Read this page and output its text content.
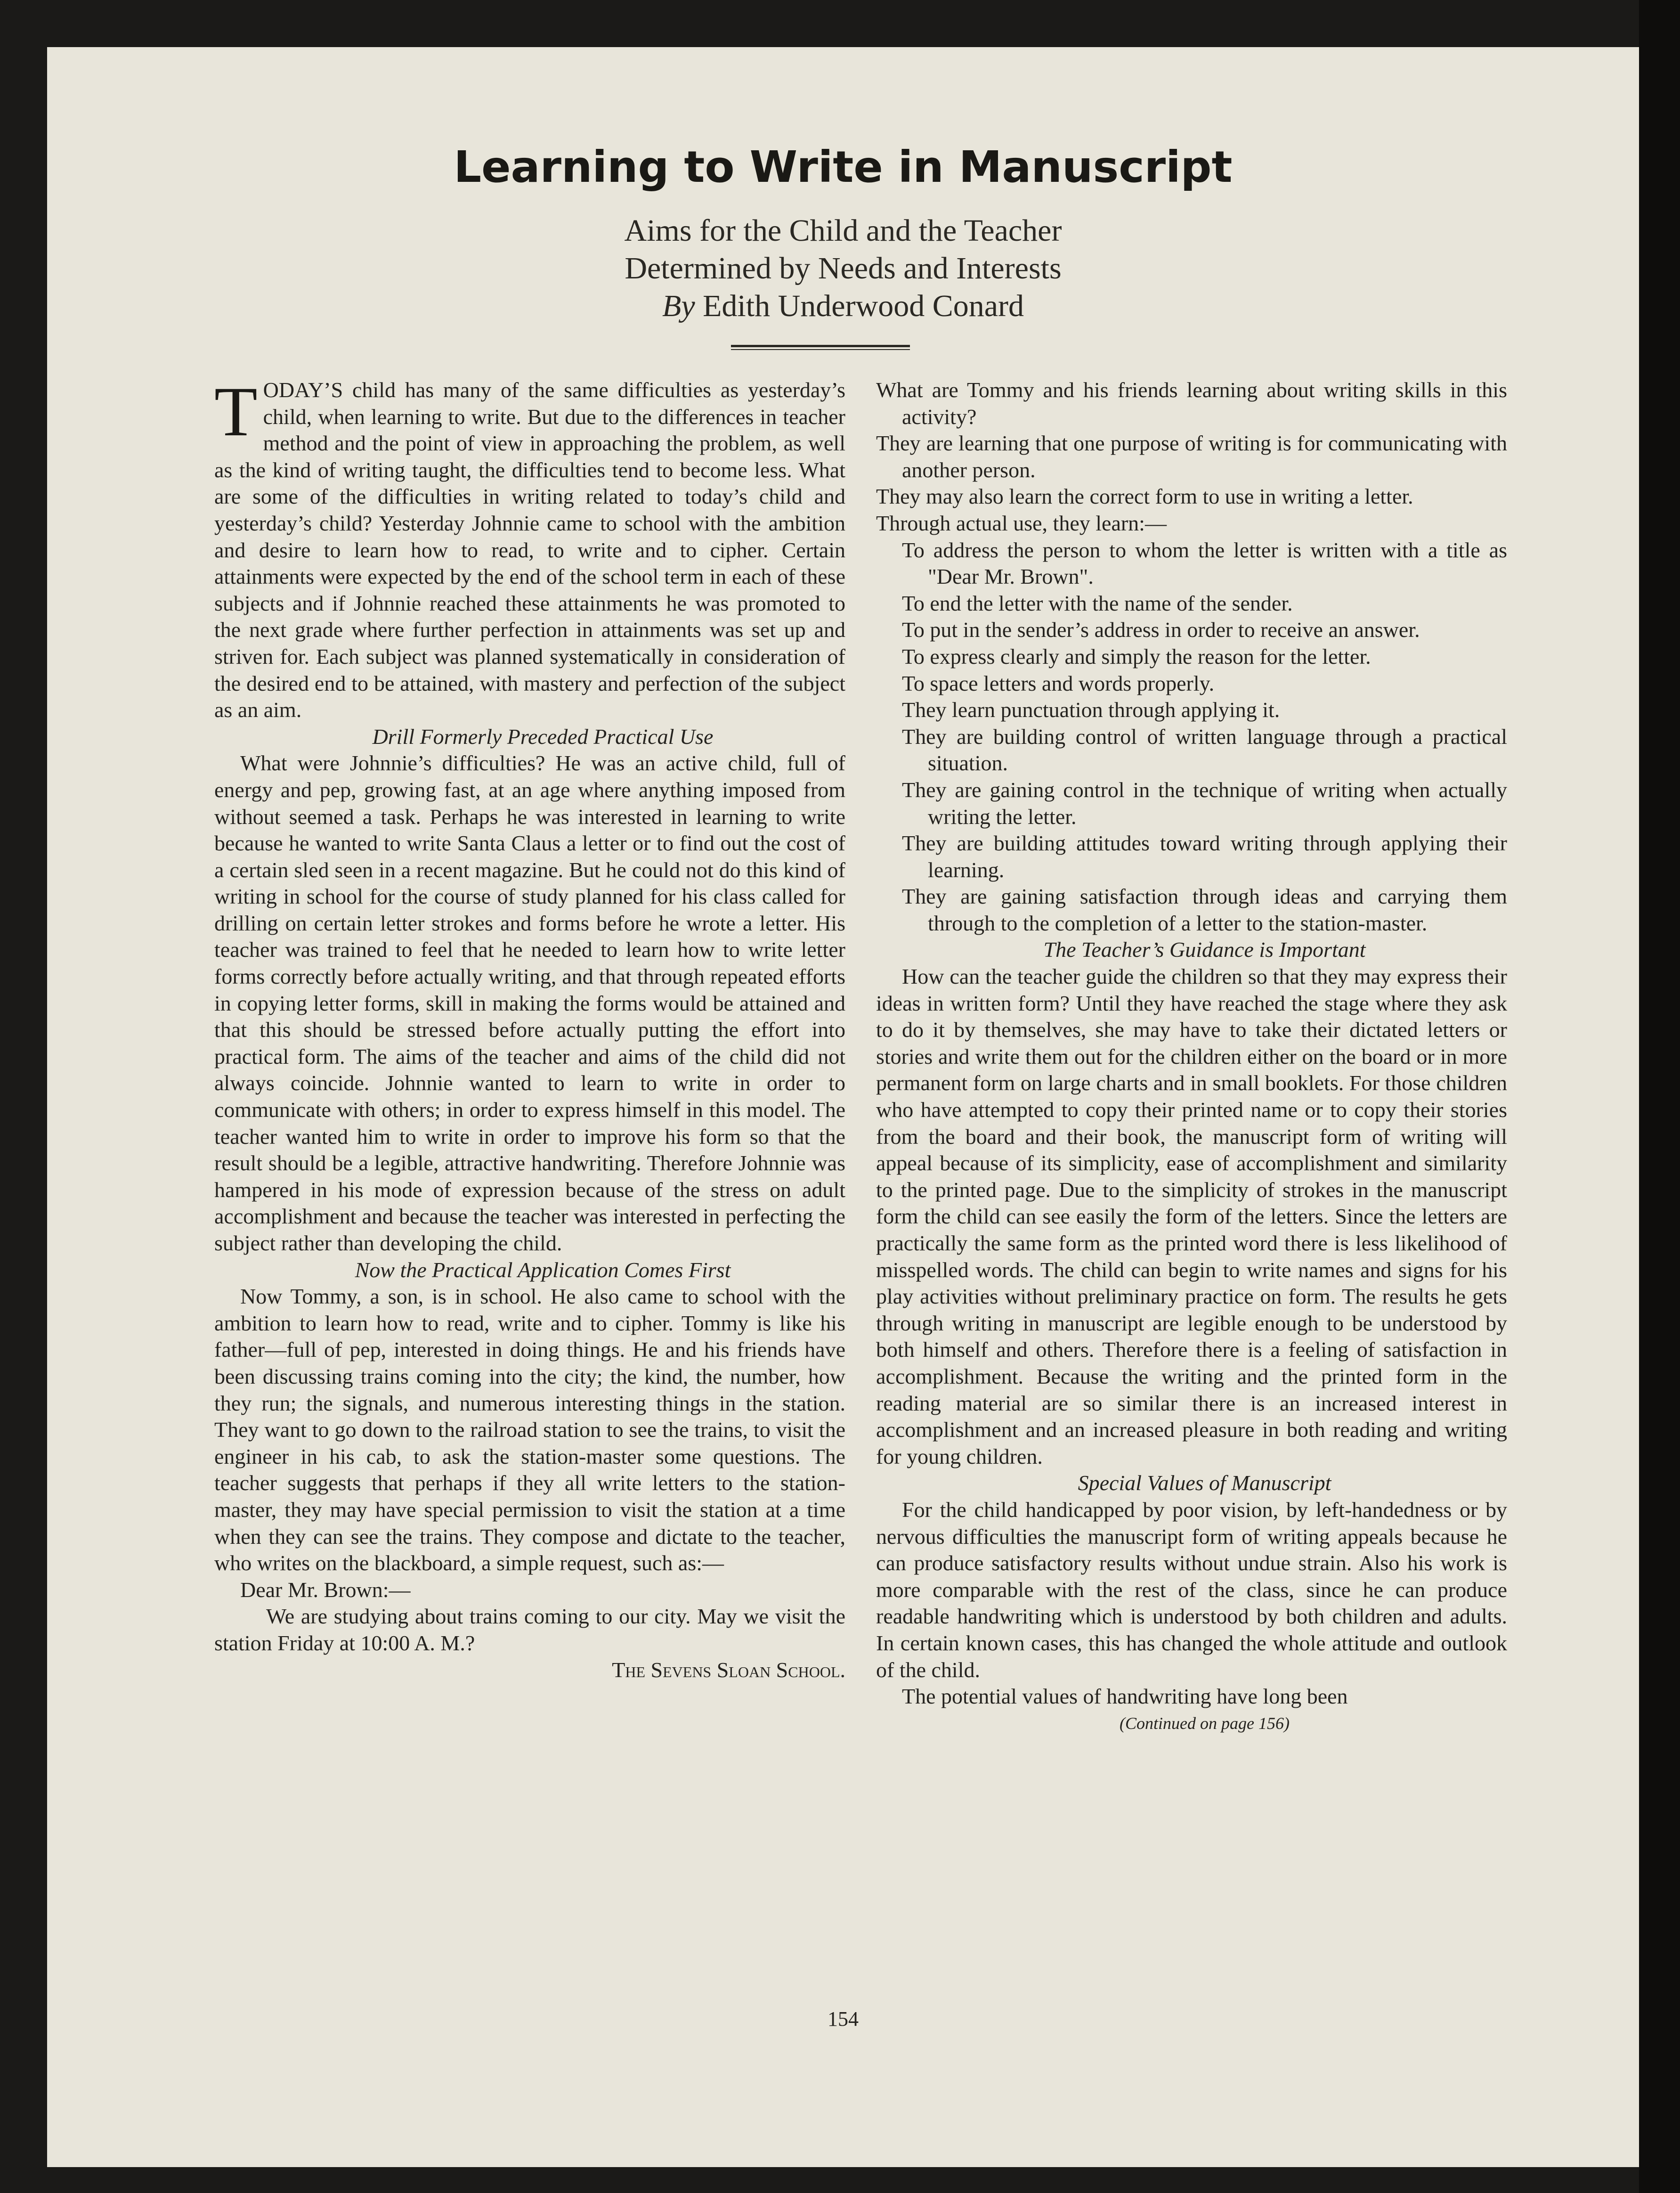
Learning to Write in Manuscript
Aims for the Child and the Teacher
Determined by Needs and Interests
By Edith Underwood Conard

TODAY’S child has many of the same difficulties as yesterday’s child, when learning to write. But due to the differences in teacher method and the point of view in approaching the problem, as well as the kind of writing taught, the difficulties tend to become less. What are some of the difficulties in writing related to today’s child and yesterday’s child? Yesterday Johnnie came to school with the ambition and desire to learn how to read, to write and to cipher. Certain attainments were expected by the end of the school term in each of these subjects and if Johnnie reached these attainments he was promoted to the next grade where further perfection in attainments was set up and striven for. Each subject was planned systematically in consideration of the desired end to be attained, with mastery and perfection of the subject as an aim.

Drill Formerly Preceded Practical Use

What were Johnnie’s difficulties? He was an active child, full of energy and pep, growing fast, at an age where anything imposed from without seemed a task. Perhaps he was interested in learning to write because he wanted to write Santa Claus a letter or to find out the cost of a certain sled seen in a recent magazine. But he could not do this kind of writing in school for the course of study planned for his class called for drilling on certain letter strokes and forms before he wrote a letter. His teacher was trained to feel that he needed to learn how to write letter forms correctly before actually writing, and that through repeated efforts in copying letter forms, skill in making the forms would be attained and that this should be stressed before actually putting the effort into practical form. The aims of the teacher and aims of the child did not always coincide. Johnnie wanted to learn to write in order to communicate with others; in order to express himself in this model. The teacher wanted him to write in order to improve his form so that the result should be a legible, attractive handwriting. Therefore Johnnie was hampered in his mode of expression because of the stress on adult accomplishment and because the teacher was interested in perfecting the subject rather than developing the child.

Now the Practical Application Comes First

Now Tommy, a son, is in school. He also came to school with the ambition to learn how to read, write and to cipher. Tommy is like his father—full of pep, interested in doing things. He and his friends have been discussing trains coming into the city; the kind, the number, how they run; the signals, and numerous interesting things in the station. They want to go down to the railroad station to see the trains, to visit the engineer in his cab, to ask the station-master some questions. The teacher suggests that perhaps if they all write letters to the station-master, they may have special permission to visit the station at a time when they can see the trains. They compose and dictate to the teacher, who writes on the blackboard, a simple request, such as:—

Dear Mr. Brown:—

We are studying about trains coming to our city. May we visit the station Friday at 10:00 A. M.?

The Sevens Sloan School.

What are Tommy and his friends learning about writing skills in this activity?

They are learning that one purpose of writing is for communicating with another person.

They may also learn the correct form to use in writing a letter.

Through actual use, they learn:—

To address the person to whom the letter is written with a title as "Dear Mr. Brown".

To end the letter with the name of the sender.

To put in the sender’s address in order to receive an answer.

To express clearly and simply the reason for the letter.

To space letters and words properly.

They learn punctuation through applying it.

They are building control of written language through a practical situation.

They are gaining control in the technique of writing when actually writing the letter.

They are building attitudes toward writing through applying their learning.

They are gaining satisfaction through ideas and carrying them through to the completion of a letter to the station-master.

The Teacher’s Guidance is Important

How can the teacher guide the children so that they may express their ideas in written form? Until they have reached the stage where they ask to do it by themselves, she may have to take their dictated letters or stories and write them out for the children either on the board or in more permanent form on large charts and in small booklets. For those children who have attempted to copy their printed name or to copy their stories from the board and their book, the manuscript form of writing will appeal because of its simplicity, ease of accomplishment and similarity to the printed page. Due to the simplicity of strokes in the manuscript form the child can see easily the form of the letters. Since the letters are practically the same form as the printed word there is less likelihood of misspelled words. The child can begin to write names and signs for his play activities without preliminary practice on form. The results he gets through writing in manuscript are legible enough to be understood by both himself and others. Therefore there is a feeling of satisfaction in accomplishment. Because the writing and the printed form in the reading material are so similar there is an increased interest in accomplishment and an increased pleasure in both reading and writing for young children.

Special Values of Manuscript

For the child handicapped by poor vision, by left-handedness or by nervous difficulties the manuscript form of writing appeals because he can produce satisfactory results without undue strain. Also his work is more comparable with the rest of the class, since he can produce readable handwriting which is understood by both children and adults. In certain known cases, this has changed the whole attitude and outlook of the child.

The potential values of handwriting have long been

(Continued on page 156)

154
